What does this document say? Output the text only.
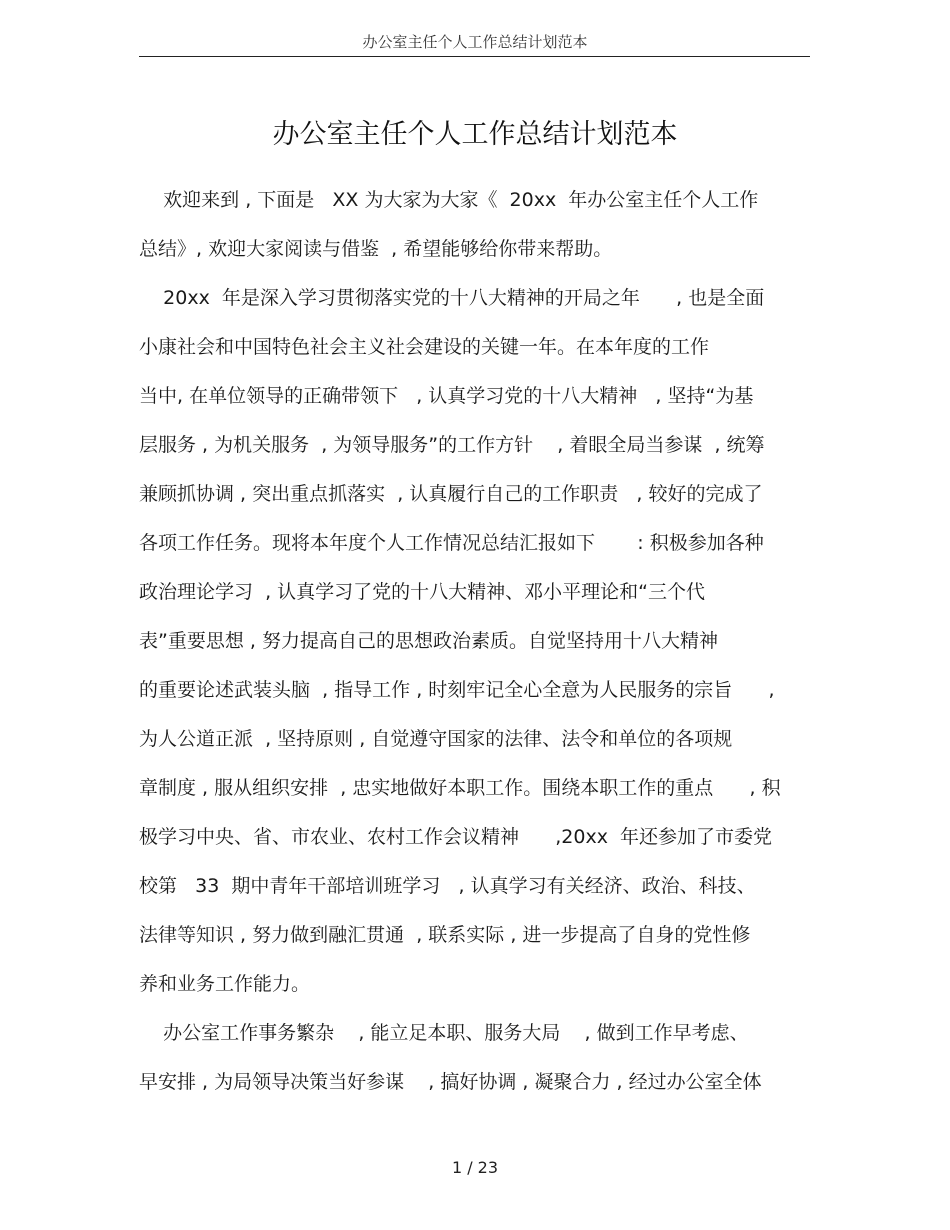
办公室主任个人工作总结计划范本
办公室主任个人工作总结计划范本
欢迎来到 , 下面是   XX 为大家为大家《  20xx  年办公室主任个人工作
总结》, 欢迎大家阅读与借鉴  , 希望能够给你带来帮助。
20xx  年是深入学习贯彻落实党的十八大精神的开局之年      , 也是全面
小康社会和中国特色社会主义社会建设的关键一年。在本年度的工作
当中, 在单位领导的正确带领下   , 认真学习党的十八大精神   , 坚持“为基
层服务 , 为机关服务  , 为领导服务”的工作方针    , 着眼全局当参谋  , 统筹
兼顾抓协调 , 突出重点抓落实  , 认真履行自己的工作职责   , 较好的完成了
各项工作任务。现将本年度个人工作情况总结汇报如下       : 积极参加各种
政治理论学习  , 认真学习了党的十八大精神、邓小平理论和“三个代
表”重要思想 , 努力提高自己的思想政治素质。自觉坚持用十八大精神
的重要论述武装头脑  , 指导工作 , 时刻牢记全心全意为人民服务的宗旨      ,
为人公道正派  , 坚持原则 , 自觉遵守国家的法律、法令和单位的各项规
章制度 , 服从组织安排  , 忠实地做好本职工作。围绕本职工作的重点      , 积
极学习中央、省、市农业、农村工作会议精神      ,20xx  年还参加了市委党
校第   33  期中青年干部培训班学习   , 认真学习有关经济、政治、科技、
法律等知识 , 努力做到融汇贯通  , 联系实际 , 进一步提高了自身的党性修
养和业务工作能力。
办公室工作事务繁杂    , 能立足本职、服务大局    , 做到工作早考虑、
早安排 , 为局领导决策当好参谋    , 搞好协调 , 凝聚合力 , 经过办公室全体
1 / 23
